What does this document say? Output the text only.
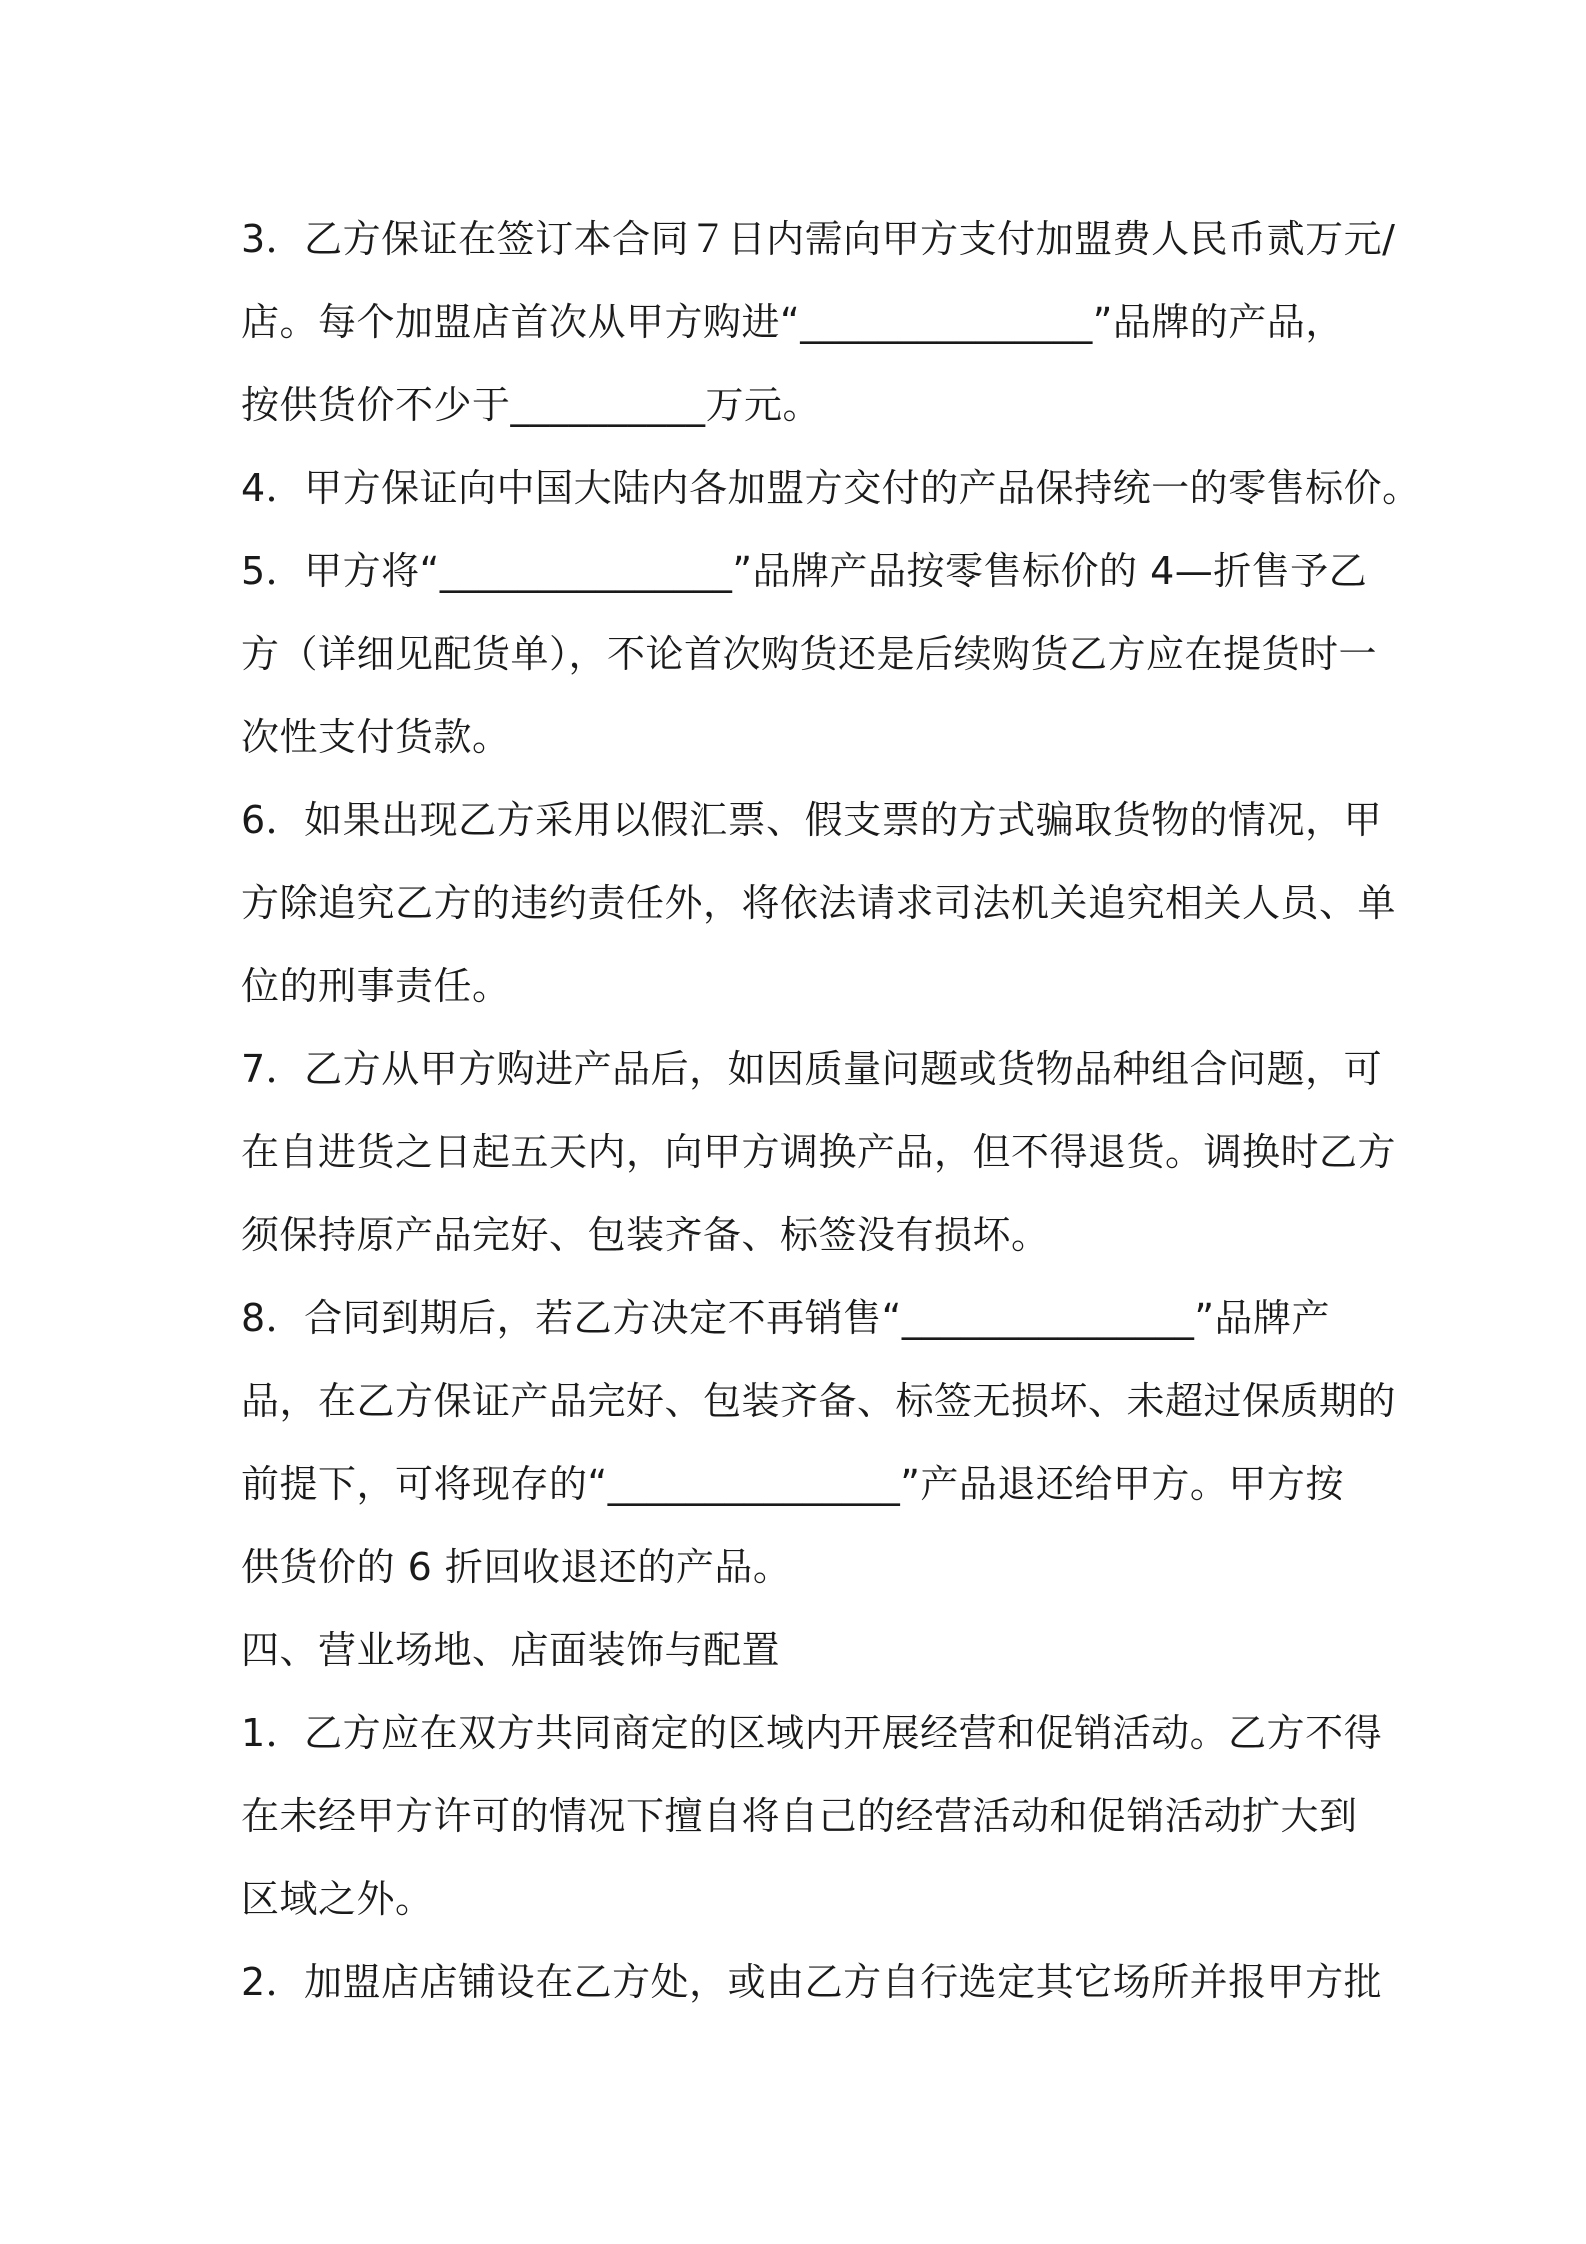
3．乙方保证在签订本合同７日内需向甲方支付加盟费人民币贰万元/
店。每个加盟店首次从甲方购进“_______________”品牌的产品，
按供货价不少于__________万元。
4．甲方保证向中国大陆内各加盟方交付的产品保持统一的零售标价。
5．甲方将“_______________”品牌产品按零售标价的 4—折售予乙
方（详细见配货单），不论首次购货还是后续购货乙方应在提货时一
次性支付货款。
6．如果出现乙方采用以假汇票、假支票的方式骗取货物的情况，甲
方除追究乙方的违约责任外，将依法请求司法机关追究相关人员、单
位的刑事责任。
7．乙方从甲方购进产品后，如因质量问题或货物品种组合问题，可
在自进货之日起五天内，向甲方调换产品，但不得退货。调换时乙方
须保持原产品完好、包装齐备、标签没有损坏。
8．合同到期后，若乙方决定不再销售“_______________”品牌产
品，在乙方保证产品完好、包装齐备、标签无损坏、未超过保质期的
前提下，可将现存的“_______________”产品退还给甲方。甲方按
供货价的 6 折回收退还的产品。
四、营业场地、店面装饰与配置
1．乙方应在双方共同商定的区域内开展经营和促销活动。乙方不得
在未经甲方许可的情况下擅自将自己的经营活动和促销活动扩大到
区域之外。
2．加盟店店铺设在乙方处，或由乙方自行选定其它场所并报甲方批
